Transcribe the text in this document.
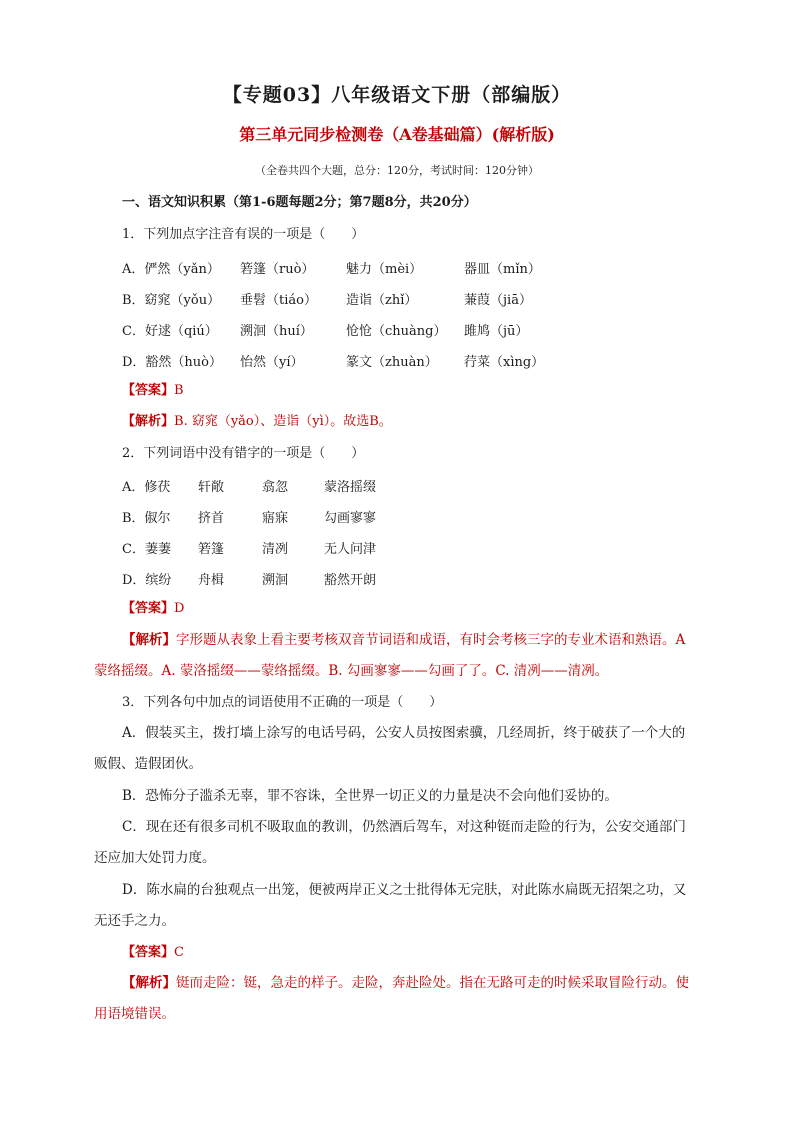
【专题03】八年级语文下册（部编版）
第三单元同步检测卷（A卷基础篇）(解析版)
（全卷共四个大题，总分：120分，考试时间：120分钟）
一、语文知识积累（第1-6题每题2分；第7题8分，共20分）
1．下列加点字注音有误的一项是（　　）
A．俨然（yǎn） 箬篷（ruò） 魅力（mèi）	器皿（mǐn）
B．窈窕（yǒu） 垂髫（tiáo） 造诣（zhǐ）	蒹葭（jiā）
C．好逑（qiú） 溯洄（huí）	怆怆（chuàng） 雎鸠（jū）
D．豁然（huò） 怡然（yí）	篆文（zhuàn） 荇菜（xìng）
【答案】B
【解析】B. 窈窕（yǎo）、造诣（yì）。故选B。
2．下列词语中没有错字的一项是（　　）
A．修茯 轩敞	翕忽	蒙洛摇缀
B．俶尔 挤首	寤寐	勾画寥寥
C．萋萋 箬篷	清冽	无人问津
D．缤纷 舟楫	溯洄	豁然开朗
【答案】D
【解析】字形题从表象上看主要考核双音节词语和成语，有时会考核三字的专业术语和熟语。A蒙络摇缀。A. 蒙洛摇缀——蒙络摇缀。B. 勾画寥寥——勾画了了。C. 清冽——清冽。
3．下列各句中加点的词语使用不正确的一项是（　　）
A．假装买主，拨打墙上涂写的电话号码，公安人员按图索骥，几经周折，终于破获了一个大的贩假、造假团伙。
B．恐怖分子滥杀无辜，罪不容诛，全世界一切正义的力量是决不会向他们妥协的。
C．现在还有很多司机不吸取血的教训，仍然酒后驾车，对这种铤而走险的行为，公安交通部门还应加大处罚力度。
D．陈水扁的台独观点一出笼，便被两岸正义之士批得体无完肤，对此陈水扁既无招架之功，又无还手之力。
【答案】C
【解析】铤而走险：铤，急走的样子。走险，奔赴险处。指在无路可走的时候采取冒险行动。使用语境错误。
